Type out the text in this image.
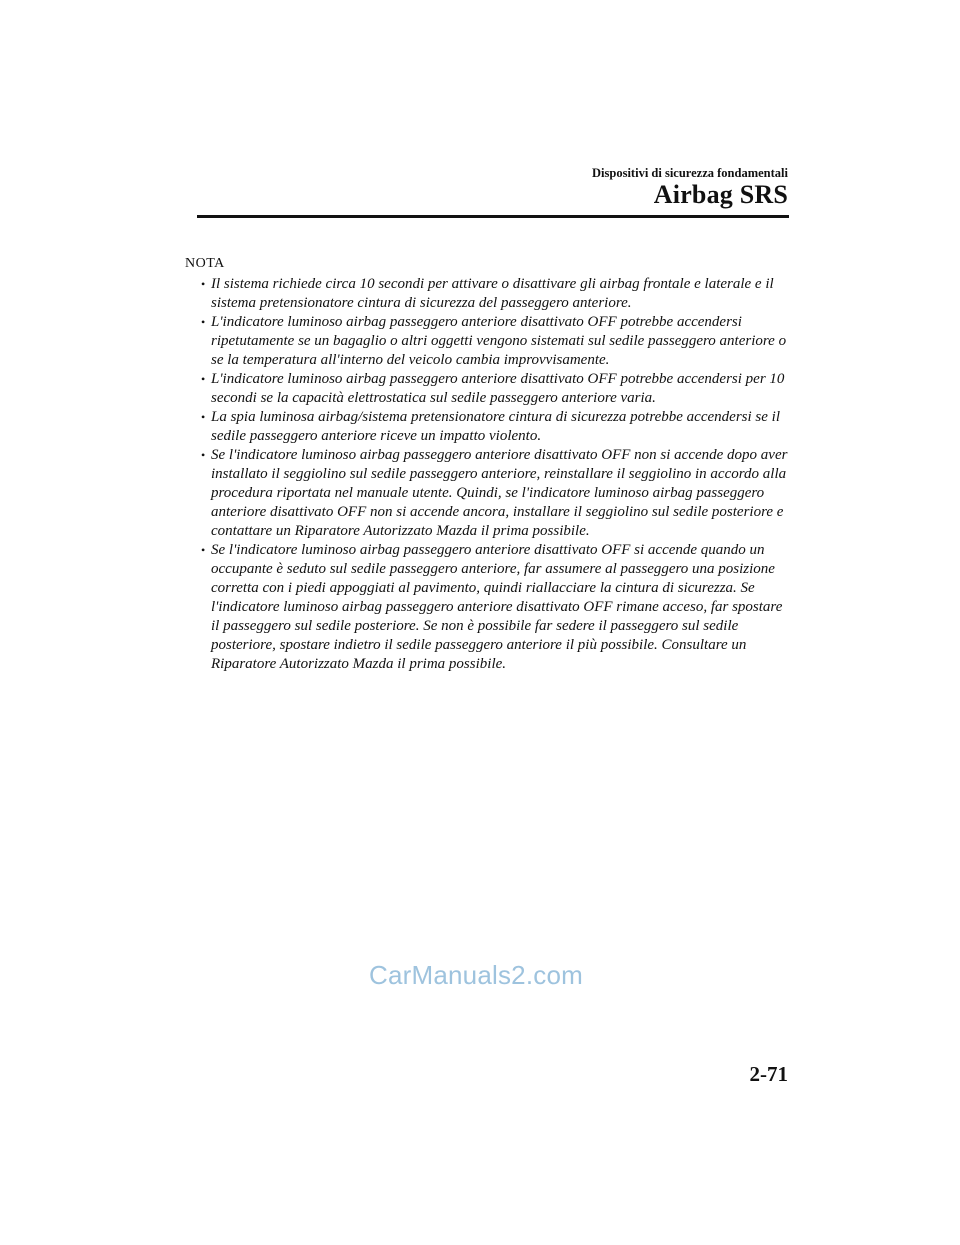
Dispositivi di sicurezza fondamentali
Airbag SRS
NOTA
• Il sistema richiede circa 10 secondi per attivare o disattivare gli airbag frontale e laterale e il sistema pretensionatore cintura di sicurezza del passeggero anteriore.
• L'indicatore luminoso airbag passeggero anteriore disattivato OFF potrebbe accendersi ripetutamente se un bagaglio o altri oggetti vengono sistemati sul sedile passeggero anteriore o se la temperatura all'interno del veicolo cambia improvvisamente.
• L'indicatore luminoso airbag passeggero anteriore disattivato OFF potrebbe accendersi per 10 secondi se la capacità elettrostatica sul sedile passeggero anteriore varia.
• La spia luminosa airbag/sistema pretensionatore cintura di sicurezza potrebbe accendersi se il sedile passeggero anteriore riceve un impatto violento.
• Se l'indicatore luminoso airbag passeggero anteriore disattivato OFF non si accende dopo aver installato il seggiolino sul sedile passeggero anteriore, reinstallare il seggiolino in accordo alla procedura riportata nel manuale utente. Quindi, se l'indicatore luminoso airbag passeggero anteriore disattivato OFF non si accende ancora, installare il seggiolino sul sedile posteriore e contattare un Riparatore Autorizzato Mazda il prima possibile.
• Se l'indicatore luminoso airbag passeggero anteriore disattivato OFF si accende quando un occupante è seduto sul sedile passeggero anteriore, far assumere al passeggero una posizione corretta con i piedi appoggiati al pavimento, quindi riallacciare la cintura di sicurezza. Se l'indicatore luminoso airbag passeggero anteriore disattivato OFF rimane acceso, far spostare il passeggero sul sedile posteriore. Se non è possibile far sedere il passeggero sul sedile posteriore, spostare indietro il sedile passeggero anteriore il più possibile. Consultare un Riparatore Autorizzato Mazda il prima possibile.
CarManuals2.com
2-71
